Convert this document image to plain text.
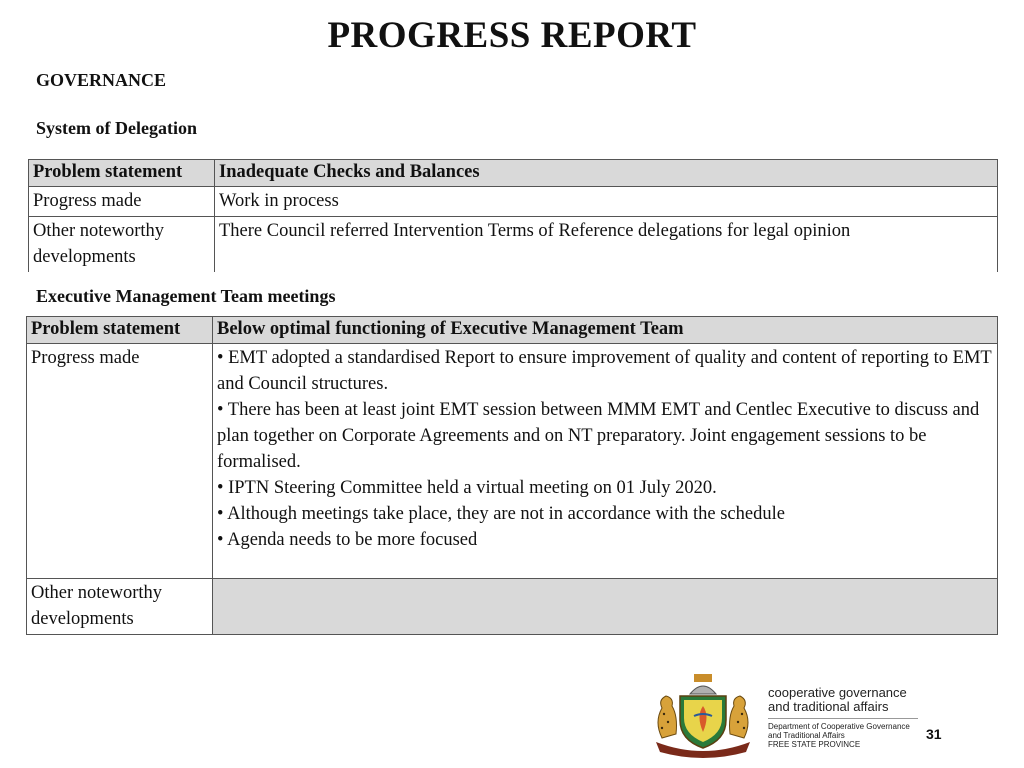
PROGRESS REPORT
GOVERNANCE
System of Delegation
Problem statement	Inadequate Checks and Balances
Progress made	Work in process
Other noteworthy developments	There Council referred Intervention Terms of Reference delegations for legal opinion
Executive Management Team meetings
Problem statement	Below optimal functioning of Executive Management Team
Progress made	• EMT adopted a standardised Report to ensure improvement of quality and content of reporting to EMT and Council structures.
• There has been at least joint EMT session between MMM EMT and Centlec Executive to discuss and plan together on Corporate Agreements and on NT preparatory. Joint engagement sessions to be formalised.
• IPTN Steering Committee held a virtual meeting on 01 July 2020.
• Although meetings take place, they are not in accordance with the schedule
• Agenda needs to be more focused

Other noteworthy developments	
cooperative governance
and traditional affairs
Department of Cooperative Governance
and Traditional Affairs
FREE STATE PROVINCE
31
